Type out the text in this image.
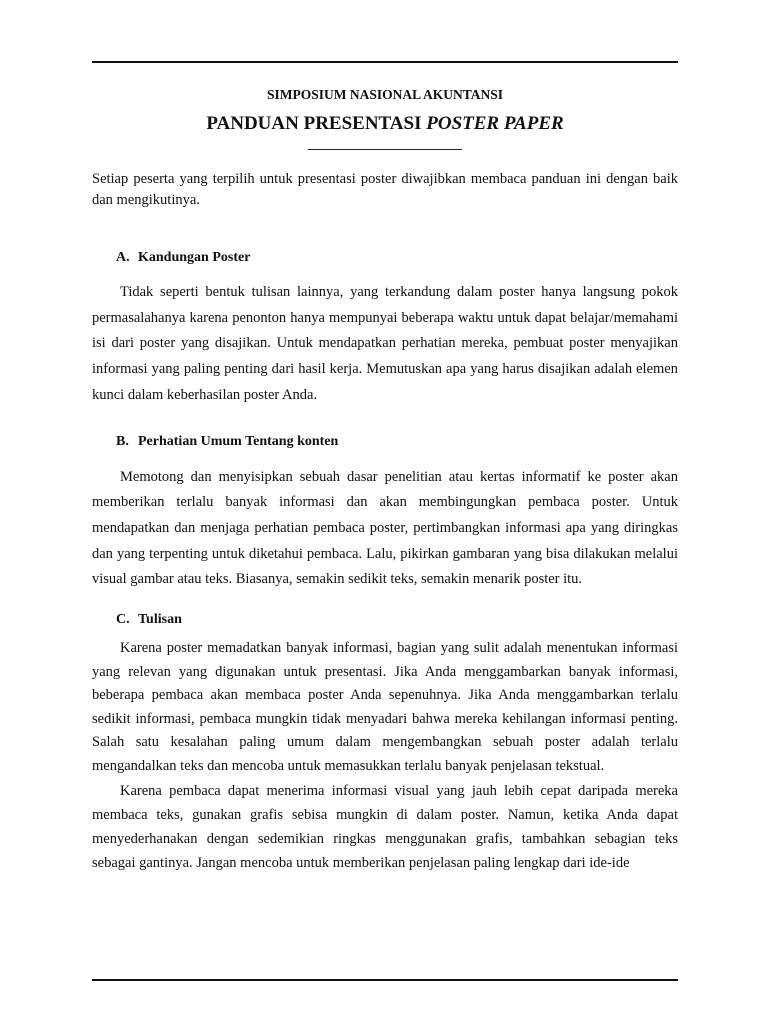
SIMPOSIUM NASIONAL AKUNTANSI

PANDUAN PRESENTASI POSTER PAPER

Setiap peserta yang terpilih untuk presentasi poster diwajibkan membaca panduan ini dengan baik dan mengikutinya.

A. Kandungan Poster

Tidak seperti bentuk tulisan lainnya, yang terkandung dalam poster hanya langsung pokok permasalahanya karena penonton hanya mempunyai beberapa waktu untuk dapat belajar/memahami isi dari poster yang disajikan. Untuk mendapatkan perhatian mereka, pembuat poster menyajikan informasi yang paling penting dari hasil kerja. Memutuskan apa yang harus disajikan adalah elemen kunci dalam keberhasilan poster Anda.

B. Perhatian Umum Tentang konten

Memotong dan menyisipkan sebuah dasar penelitian atau kertas informatif ke poster akan memberikan terlalu banyak informasi dan akan membingungkan pembaca poster. Untuk mendapatkan dan menjaga perhatian pembaca poster, pertimbangkan informasi apa yang diringkas dan yang terpenting untuk diketahui pembaca. Lalu, pikirkan gambaran yang bisa dilakukan melalui visual gambar atau teks. Biasanya, semakin sedikit teks, semakin menarik poster itu.

C. Tulisan

Karena poster memadatkan banyak informasi, bagian yang sulit adalah menentukan informasi yang relevan yang digunakan untuk presentasi. Jika Anda menggambarkan banyak informasi, beberapa pembaca akan membaca poster Anda sepenuhnya. Jika Anda menggambarkan terlalu sedikit informasi, pembaca mungkin tidak menyadari bahwa mereka kehilangan informasi penting. Salah satu kesalahan paling umum dalam mengembangkan sebuah poster adalah terlalu mengandalkan teks dan mencoba untuk memasukkan terlalu banyak penjelasan tekstual.

Karena pembaca dapat menerima informasi visual yang jauh lebih cepat daripada mereka membaca teks, gunakan grafis sebisa mungkin di dalam poster. Namun, ketika Anda dapat menyederhanakan dengan sedemikian ringkas menggunakan grafis, tambahkan sebagian teks sebagai gantinya. Jangan mencoba untuk memberikan penjelasan paling lengkap dari ide-ide
